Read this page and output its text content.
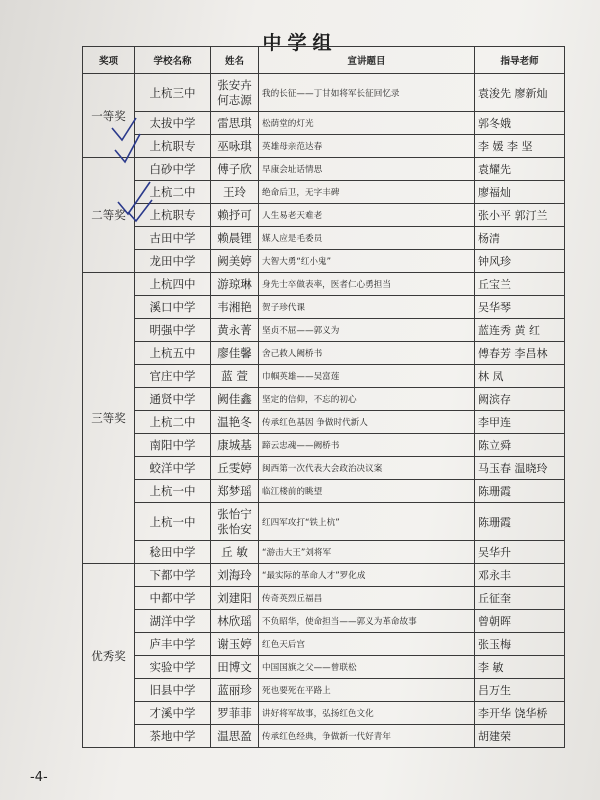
中学组
奖项	学校名称	姓名	宣讲题目	指导老师
一等奖	上杭三中	张安卉 何志源	我的长征——丁甘如将军长征回忆录	袁浚先 廖新灿
	太拔中学	雷思琪	松荫堂的灯光	郭冬娥
	上杭职专	巫咏琪	英雄母亲范达春	李 媛 李 坚
二等奖	白砂中学	傅子欣	早康会址话情思	袁耀先
	上杭二中	王玲	绝命后卫，无字丰碑	廖福灿
	上杭职专	赖抒可	人生易老天难老	张小平 郭汀兰
	古田中学	赖晨锂	媒人应是毛委员	杨清
	龙田中学	阙美婷	大智大勇“红小鬼”	钟风珍
三等奖	上杭四中	游琼琳	身先士卒做表率，医者仁心勇担当	丘宝兰
	溪口中学	韦湘艳	贺子珍代课	吴华琴
	明强中学	黄永菁	坚贞不屈——郭义为	蓝连秀 黄 红
	上杭五中	廖佳馨	舍己救人阙桥书	傅春芳 李昌林
	官庄中学	蓝 萱	巾帼英雄——吴富莲	林 凤
	通贤中学	阙佳鑫	坚定的信仰，不忘的初心	阙滨存
	上杭二中	温艳冬	传承红色基因 争做时代新人	李甲连
	南阳中学	康城基	蹄云忠魂——阙桥书	陈立舜
	蛟洋中学	丘雯婷	闽西第一次代表大会政治决议案	马玉春 温晓玲
	上杭一中	郑梦瑶	临江楼前的眺望	陈珊霞
	上杭一中	张怡宁 张怡安	红四军攻打“铁上杭”	陈珊霞
	稔田中学	丘 敏	“游击大王”刘将军	吴华升
优秀奖	下都中学	刘海玲	“最实际的革命人才”罗化成	邓永丰
	中都中学	刘建阳	传奇英烈丘福昌	丘征奎
	湖洋中学	林欣瑶	不负昭华，使命担当——郭义为革命故事	曾朝晖
	庐丰中学	谢玉婷	红色天后宫	张玉梅
	实验中学	田博文	中国国旗之父——曾联松	李 敏
	旧县中学	蓝丽珍	死也要死在平路上	吕万生
	才溪中学	罗菲菲	讲好将军故事，弘扬红色文化	李开华 饶华桥
	茶地中学	温思盈	传承红色经典，争做新一代好青年	胡建荣
-4-
